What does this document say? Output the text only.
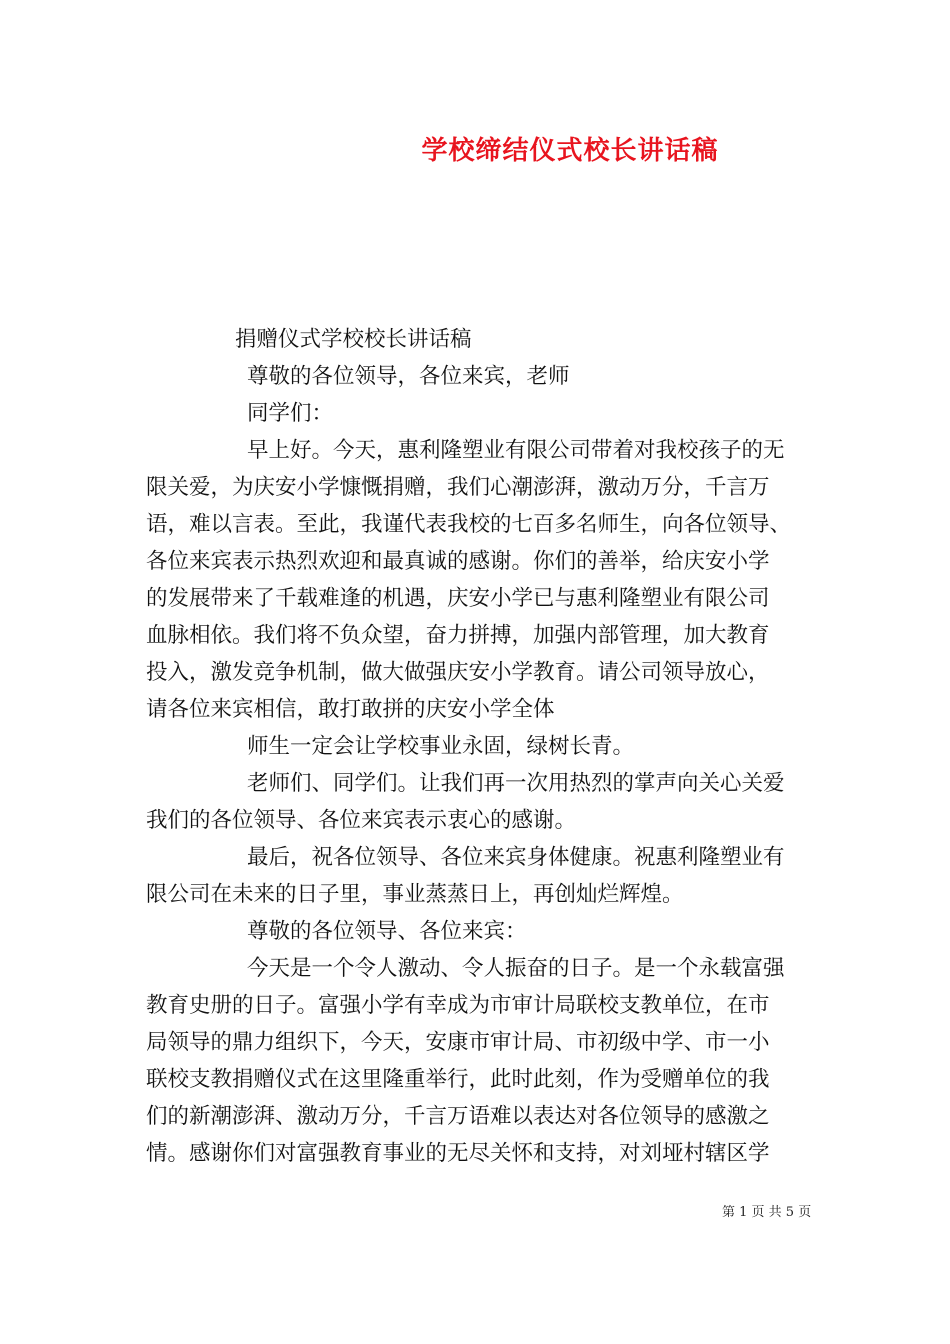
学校缔结仪式校长讲话稿
捐赠仪式学校校长讲话稿
尊敬的各位领导，各位来宾，老师
同学们：
早上好。今天，惠利隆塑业有限公司带着对我校孩子的无
限关爱，为庆安小学慷慨捐赠，我们心潮澎湃，激动万分，千言万
语，难以言表。至此，我谨代表我校的七百多名师生，向各位领导、
各位来宾表示热烈欢迎和最真诚的感谢。你们的善举，给庆安小学
的发展带来了千载难逢的机遇，庆安小学已与惠利隆塑业有限公司
血脉相依。我们将不负众望，奋力拼搏，加强内部管理，加大教育
投入，激发竞争机制，做大做强庆安小学教育。请公司领导放心，
请各位来宾相信，敢打敢拼的庆安小学全体
师生一定会让学校事业永固，绿树长青。
老师们、同学们。让我们再一次用热烈的掌声向关心关爱
我们的各位领导、各位来宾表示衷心的感谢。
最后，祝各位领导、各位来宾身体健康。祝惠利隆塑业有
限公司在未来的日子里，事业蒸蒸日上，再创灿烂辉煌。
尊敬的各位领导、各位来宾：
今天是一个令人激动、令人振奋的日子。是一个永载富强
教育史册的日子。富强小学有幸成为市审计局联校支教单位，在市
局领导的鼎力组织下，今天，安康市审计局、市初级中学、市一小
联校支教捐赠仪式在这里隆重举行，此时此刻，作为受赠单位的我
们的新潮澎湃、激动万分，千言万语难以表达对各位领导的感激之
情。感谢你们对富强教育事业的无尽关怀和支持，对刘垭村辖区学
第 1 页 共 5 页
